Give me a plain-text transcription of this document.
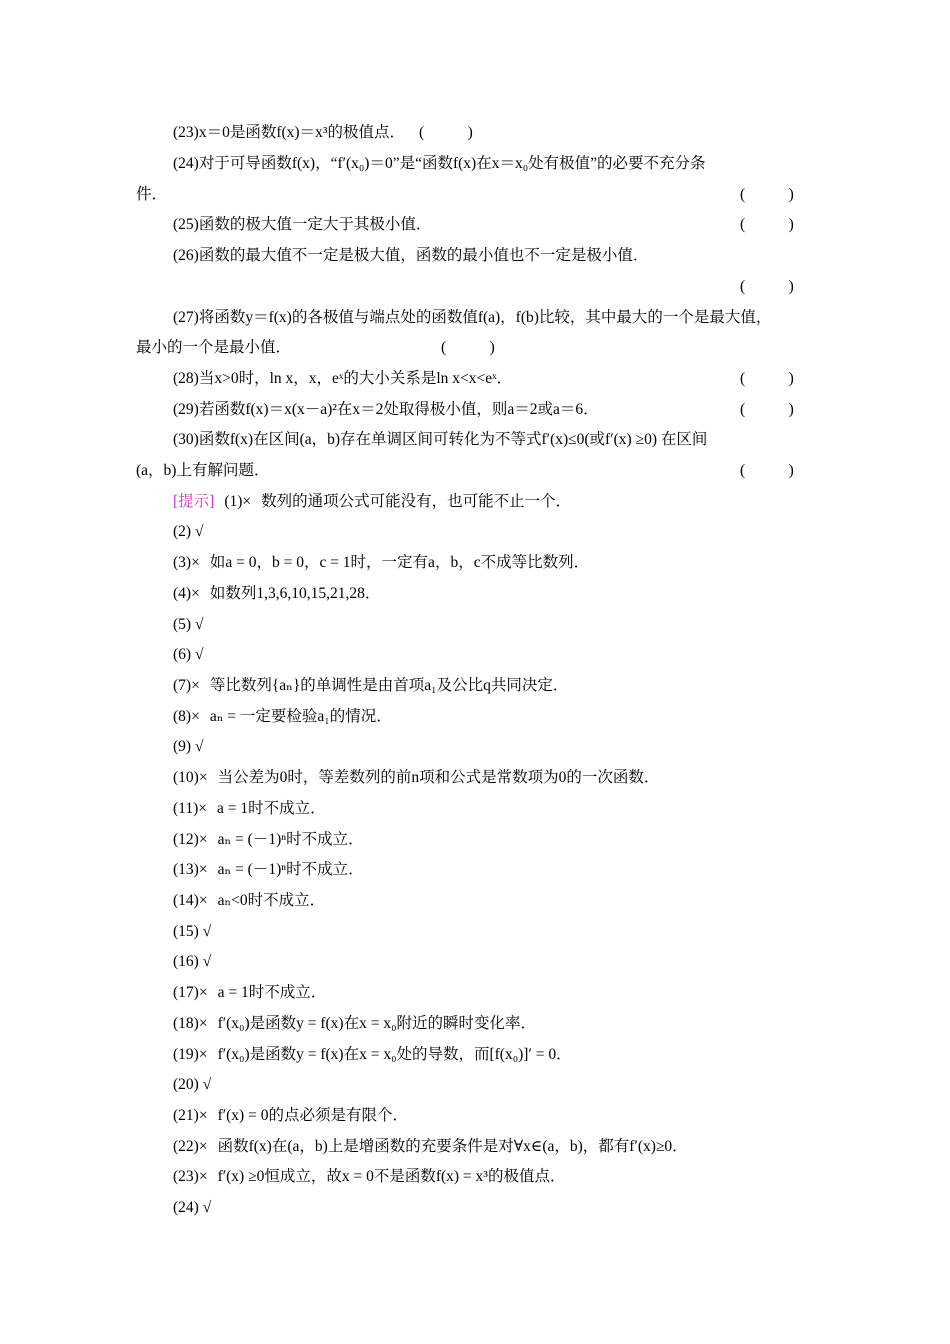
(23)x＝0是函数f(x)＝x³的极值点． (　)
(24)对于可导函数f(x)，“f′(x₀)＝0”是“函数f(x)在x＝x₀处有极值”的必要不充分条
件．	(　)
(25)函数的极大值一定大于其极小值．	(　)
(26)函数的最大值不一定是极大值，函数的最小值也不一定是极小值．
(　)
(27)将函数y＝f(x)的各极值与端点处的函数值f(a)，f(b)比较，其中最大的一个是最大值，
最小的一个是最小值．	(　)
(28)当x>0时，ln x，x，eˣ的大小关系是ln x<x<eˣ．	(　)
(29)若函数f(x)＝x(x－a)²在x＝2处取得极小值，则a＝2或a＝6．	(　)
(30)函数f(x)在区间(a，b)存在单调区间可转化为不等式f′(x)≤0(或f′(x) ≥0) 在区间
(a，b)上有解问题．	(　)
[提示] (1)× 数列的通项公式可能没有，也可能不止一个．
(2) √
(3)× 如a = 0，b = 0，c = 1时，一定有a，b，c不成等比数列．
(4)× 如数列1,3,6,10,15,21,28．
(5) √
(6) √
(7)× 等比数列{aₙ}的单调性是由首项a₁及公比q共同决定．
(8)× aₙ = 一定要检验a₁的情况．
(9) √
(10)× 当公差为0时，等差数列的前n项和公式是常数项为0的一次函数．
(11)× a = 1时不成立．
(12)× aₙ = (－1)ⁿ时不成立．
(13)× aₙ = (－1)ⁿ时不成立．
(14)× aₙ<0时不成立．
(15) √
(16) √
(17)× a = 1时不成立．
(18)× f′(x₀)是函数y = f(x)在x = x₀附近的瞬时变化率．
(19)× f′(x₀)是函数y = f(x)在x = x₀处的导数，而[f(x₀)]′ = 0．
(20) √
(21)× f′(x) = 0的点必须是有限个．
(22)× 函数f(x)在(a，b)上是增函数的充要条件是对∀x∈(a，b)，都有f′(x)≥0．
(23)× f′(x) ≥0恒成立，故x = 0不是函数f(x) = x³的极值点．
(24) √
